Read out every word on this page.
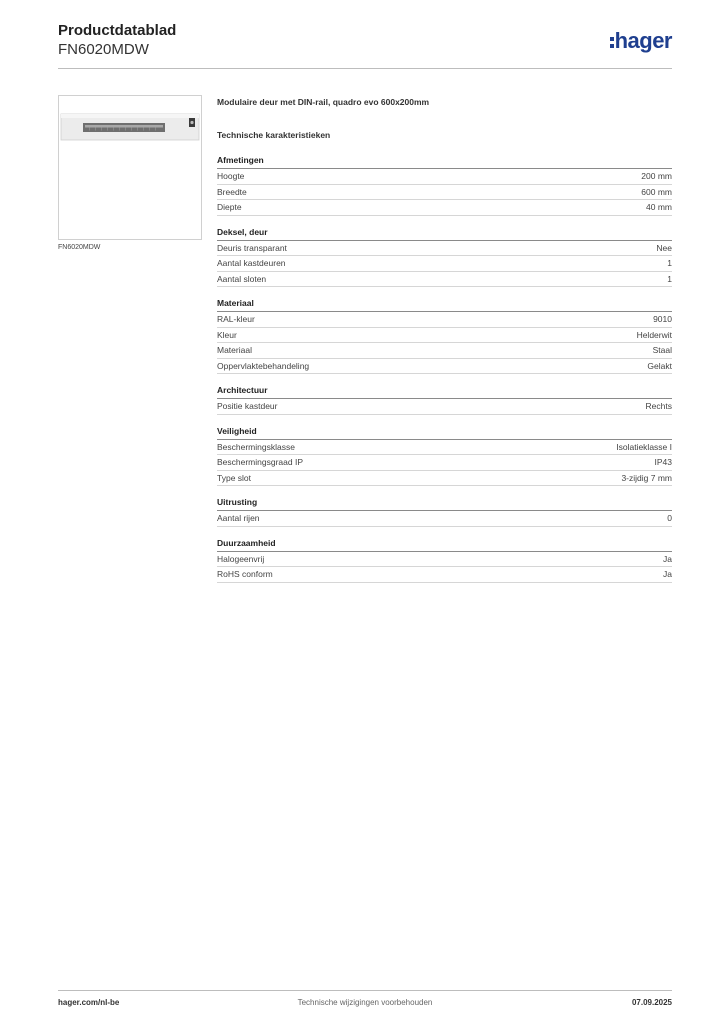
Productdatablad
FN6020MDW	hager
FN6020MDW
Modulaire deur met DIN-rail, quadro evo 600x200mm
Technische karakteristieken
Afmetingen
Hoogte	200 mm
Breedte	600 mm
Diepte	40 mm
Deksel, deur
Deuris transparant	Nee
Aantal kastdeuren	1
Aantal sloten	1
Materiaal
RAL-kleur	9010
Kleur	Helderwit
Materiaal	Staal
Oppervlaktebehandeling	Gelakt
Architectuur
Positie kastdeur	Rechts
Veiligheid
Beschermingsklasse	Isolatieklasse I
Beschermingsgraad IP	IP43
Type slot	3-zijdig 7 mm
Uitrusting
Aantal rijen	0
Duurzaamheid
Halogeenvrij	Ja
RoHS conform	Ja
hager.com/nl-be	Technische wijzigingen voorbehouden	07.09.2025
